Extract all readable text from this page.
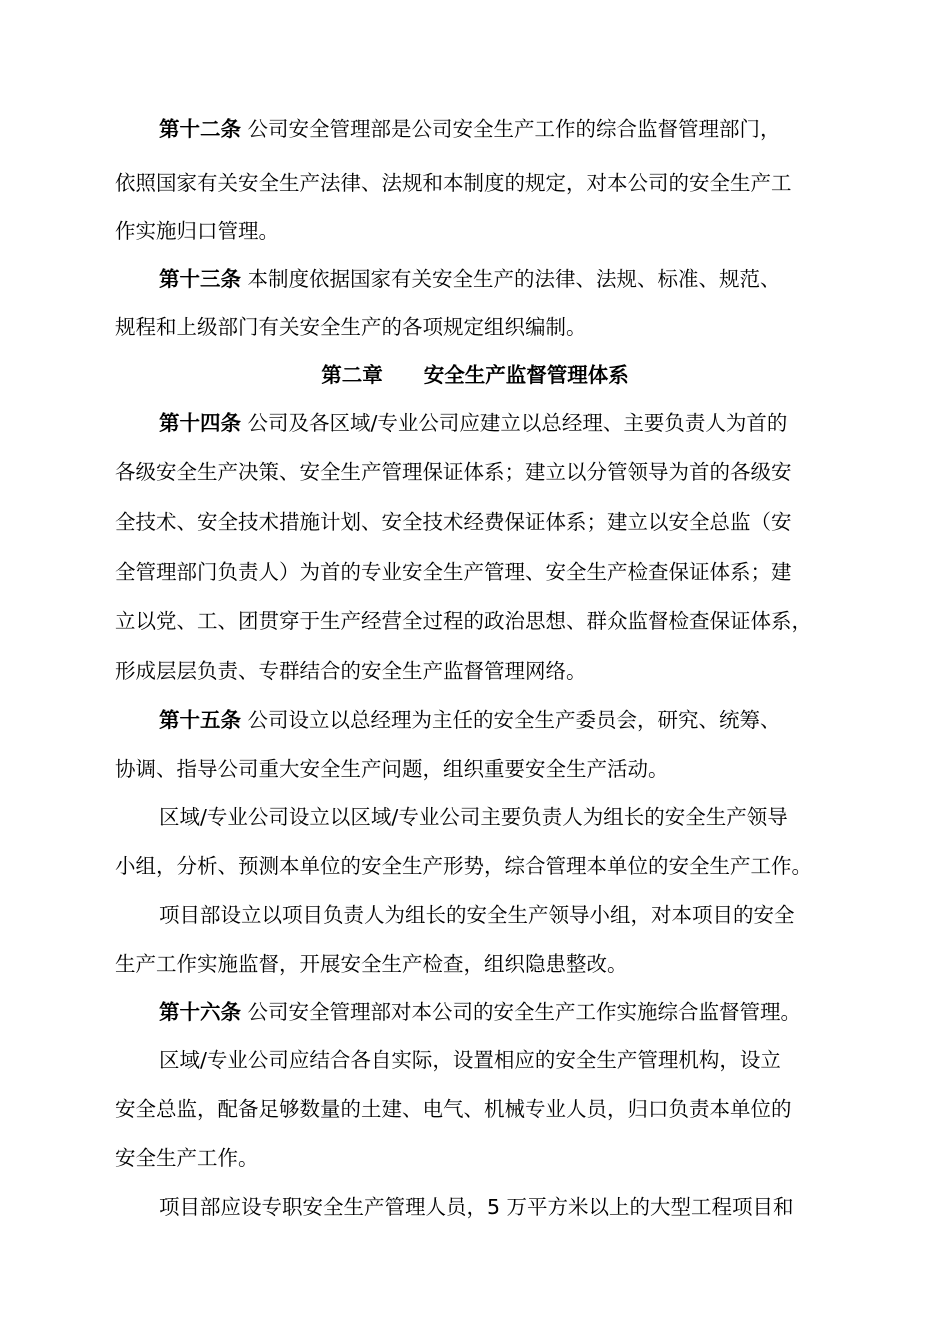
第十二条 公司安全管理部是公司安全生产工作的综合监督管理部门，
依照国家有关安全生产法律、法规和本制度的规定，对本公司的安全生产工
作实施归口管理。
第十三条 本制度依据国家有关安全生产的法律、法规、标准、规范、
规程和上级部门有关安全生产的各项规定组织编制。
第二章　　安全生产监督管理体系
第十四条 公司及各区域/专业公司应建立以总经理、主要负责人为首的
各级安全生产决策、安全生产管理保证体系；建立以分管领导为首的各级安
全技术、安全技术措施计划、安全技术经费保证体系；建立以安全总监（安
全管理部门负责人）为首的专业安全生产管理、安全生产检查保证体系；建
立以党、工、团贯穿于生产经营全过程的政治思想、群众监督检查保证体系，
形成层层负责、专群结合的安全生产监督管理网络。
第十五条 公司设立以总经理为主任的安全生产委员会，研究、统筹、
协调、指导公司重大安全生产问题，组织重要安全生产活动。
区域/专业公司设立以区域/专业公司主要负责人为组长的安全生产领导
小组，分析、预测本单位的安全生产形势，综合管理本单位的安全生产工作。
项目部设立以项目负责人为组长的安全生产领导小组，对本项目的安全
生产工作实施监督，开展安全生产检查，组织隐患整改。
第十六条 公司安全管理部对本公司的安全生产工作实施综合监督管理。
区域/专业公司应结合各自实际，设置相应的安全生产管理机构，设立
安全总监，配备足够数量的土建、电气、机械专业人员，归口负责本单位的
安全生产工作。
项目部应设专职安全生产管理人员，5 万平方米以上的大型工程项目和
